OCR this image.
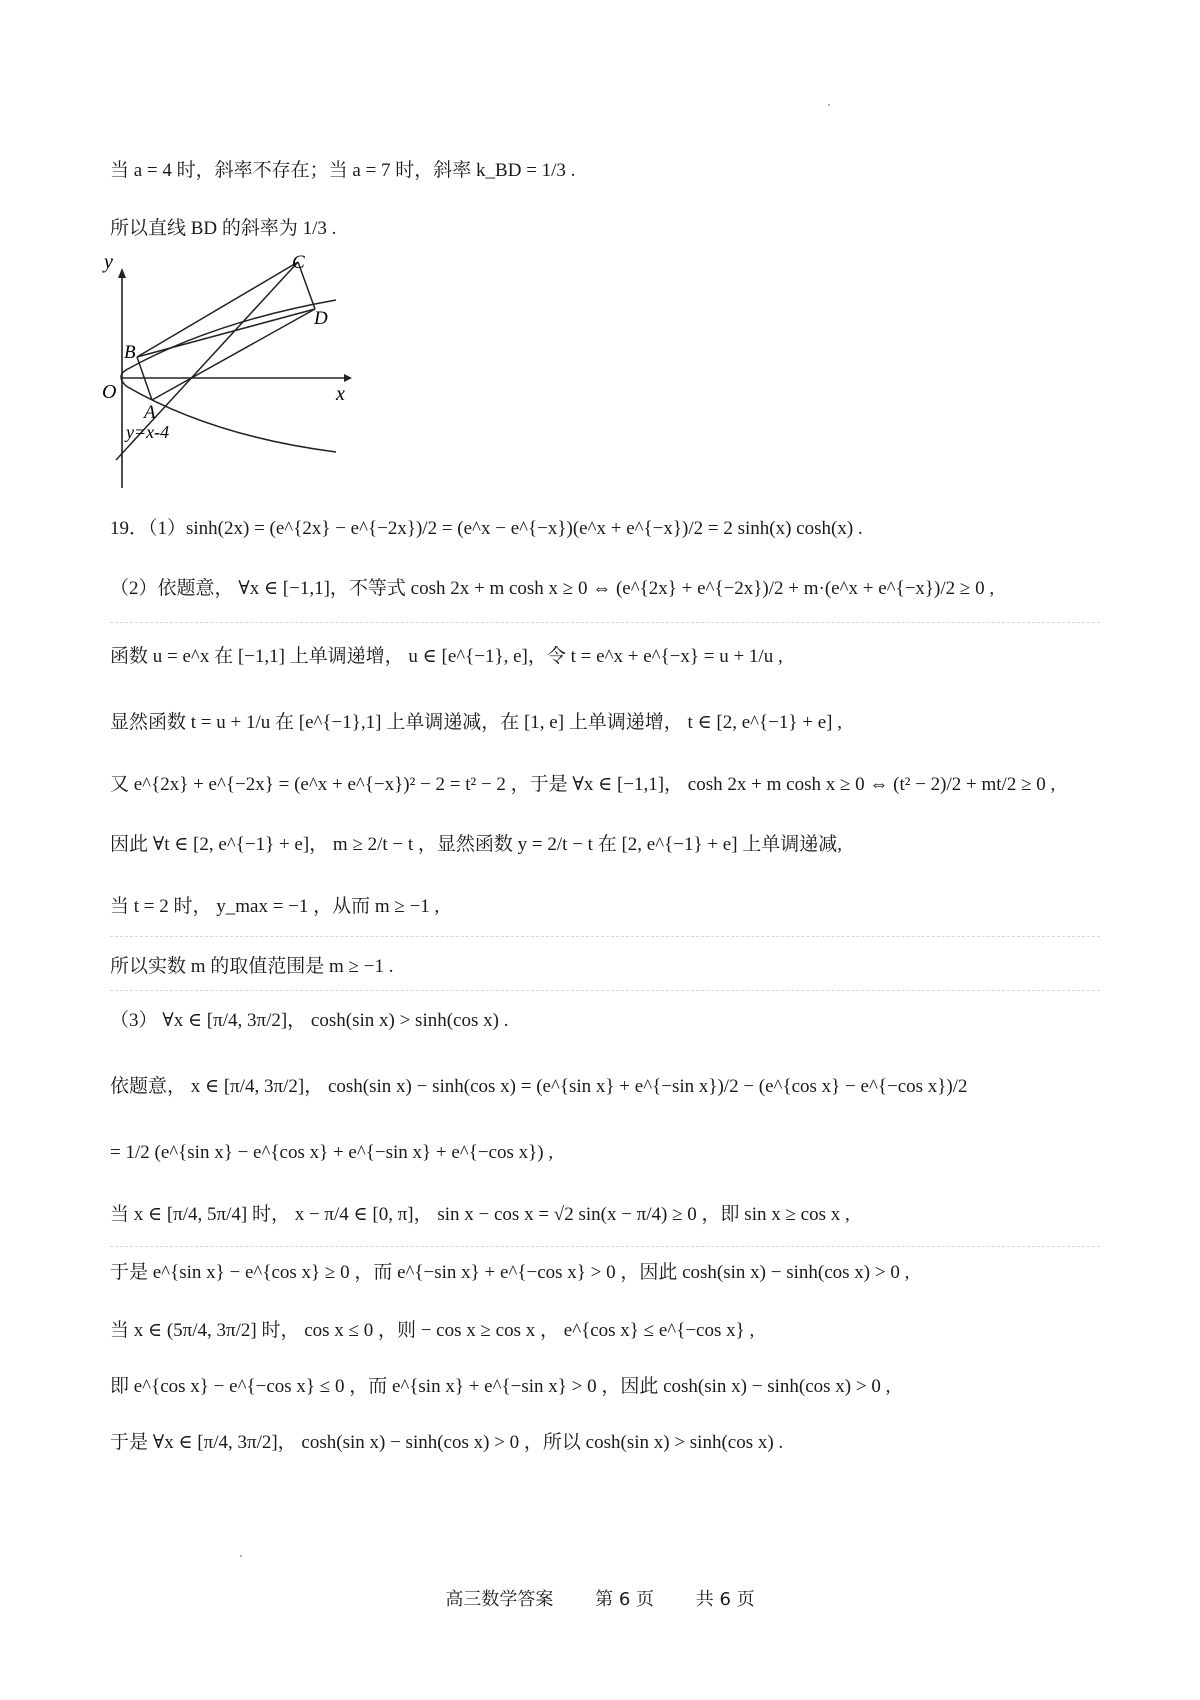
当 a = 4 时，斜率不存在；当 a = 7 时，斜率 k_BD = 1/3 .
所以直线 BD 的斜率为 1/3 .
y
x
O
A
B
C
D
y=x-4
19．（1）sinh(2x) = (e^{2x} − e^{−2x})/2 = (e^x − e^{−x})(e^x + e^{−x})/2 = 2 sinh(x) cosh(x) .
（2）依题意， ∀x ∈ [−1,1]，不等式 cosh 2x + m cosh x ≥ 0 ⇔ (e^{2x} + e^{−2x})/2 + m·(e^x + e^{−x})/2 ≥ 0 ,
函数 u = e^x 在 [−1,1] 上单调递增， u ∈ [e^{−1}, e]，令 t = e^x + e^{−x} = u + 1/u ,
显然函数 t = u + 1/u 在 [e^{−1},1] 上单调递减，在 [1, e] 上单调递增， t ∈ [2, e^{−1} + e] ,
又 e^{2x} + e^{−2x} = (e^x + e^{−x})² − 2 = t² − 2 ，于是 ∀x ∈ [−1,1]， cosh 2x + m cosh x ≥ 0 ⇔ (t² − 2)/2 + mt/2 ≥ 0 ,
因此 ∀t ∈ [2, e^{−1} + e]， m ≥ 2/t − t ，显然函数 y = 2/t − t 在 [2, e^{−1} + e] 上单调递减,
当 t = 2 时， y_max = −1 ，从而 m ≥ −1 ,
所以实数 m 的取值范围是 m ≥ −1 .
（3） ∀x ∈ [π/4, 3π/2]， cosh(sin x) > sinh(cos x) .
依题意， x ∈ [π/4, 3π/2]， cosh(sin x) − sinh(cos x) = (e^{sin x} + e^{−sin x})/2 − (e^{cos x} − e^{−cos x})/2
= 1/2 (e^{sin x} − e^{cos x} + e^{−sin x} + e^{−cos x}) ,
当 x ∈ [π/4, 5π/4] 时， x − π/4 ∈ [0, π]， sin x − cos x = √2 sin(x − π/4) ≥ 0 ，即 sin x ≥ cos x ,
于是 e^{sin x} − e^{cos x} ≥ 0 ，而 e^{−sin x} + e^{−cos x} > 0 ，因此 cosh(sin x) − sinh(cos x) > 0 ,
当 x ∈ (5π/4, 3π/2] 时， cos x ≤ 0 ，则 − cos x ≥ cos x ， e^{cos x} ≤ e^{−cos x} ,
即 e^{cos x} − e^{−cos x} ≤ 0 ，而 e^{sin x} + e^{−sin x} > 0 ，因此 cosh(sin x) − sinh(cos x) > 0 ,
于是 ∀x ∈ [π/4, 3π/2]， cosh(sin x) − sinh(cos x) > 0 ，所以 cosh(sin x) > sinh(cos x) .
高三数学答案 第 6 页 共 6 页
